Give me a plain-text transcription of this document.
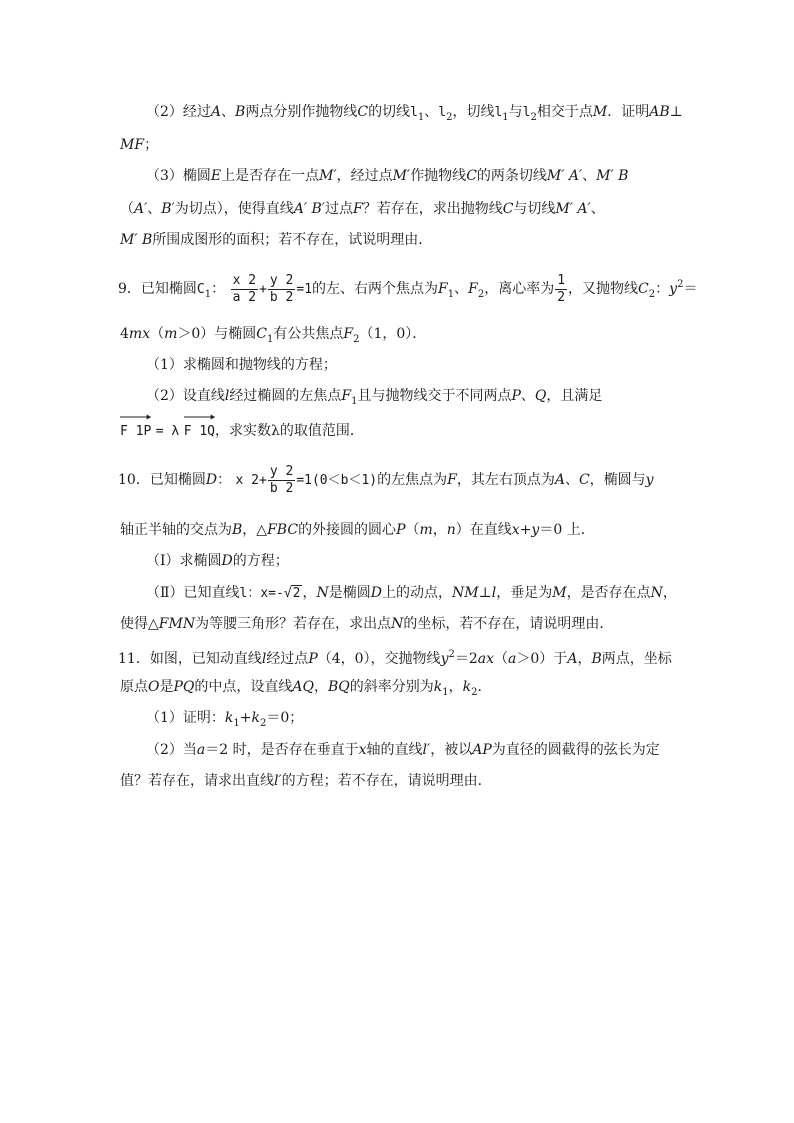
（2）经过A、B两点分别作抛物线C的切线$l_1$、$l_2$，切线$l_1$与$l_2$相交于点M．证明AB⊥
MF；
（3）椭圆E上是否存在一点M′，经过点M′作抛物线C的两条切线M′ A′、M′ B
（A′、B′为切点），使得直线A′ B′过点F？若存在，求出抛物线C与切线M′ A′、
M′ B所围成图形的面积；若不存在，试说明理由．
9．已知椭圆$C_1$： $\frac{x 2}{a 2} + \frac{y 2}{b 2} =1$的左、右两个焦点为$F_1$、$F_2$，离心率为 $\frac{1}{2}$ ，又抛物线$C_2$：$y^2=$
4mx（m＞0）与椭圆$C_1$有公共焦点$F_2(1$，0）．
（1）求椭圆和抛物线的方程；
（2）设直线l经过椭圆的左焦点$F_1$且与抛物线交于不同两点P、Q，且满足
F 1P = λ F 1Q，求实数λ的取值范围．
10．已知椭圆D： x $2+ \frac{y 2}{b 2} =1(0<b<1)$的左焦点为F，其左右顶点为A、C，椭圆与y
轴正半轴的交点为B，△FBC的外接圆的圆心P（m，n）在直线x+y＝0 上．
（Ⅰ）求椭圆D的方程；
（Ⅱ）已知直线l：x=-√2 ，N是椭圆D上的动点，NM⊥l，垂足为M，是否存在点N，
使得△FMN为等腰三角形？若存在，求出点N的坐标，若不存在，请说明理由．
11．如图，已知动直线l经过点P（4，0），交抛物线$y^2=2ax(a>0)$于A，B两点，坐标
原点O是PQ的中点，设直线AQ，BQ的斜率分别为$k_1$，$k_2$．
（1）证明：$k_1+k_2=0$；
（2）当a＝2 时，是否存在垂直于x轴的直线l′，被以AP为直径的圆截得的弦长为定
值？若存在，请求出直线l′的方程；若不存在，请说明理由．
